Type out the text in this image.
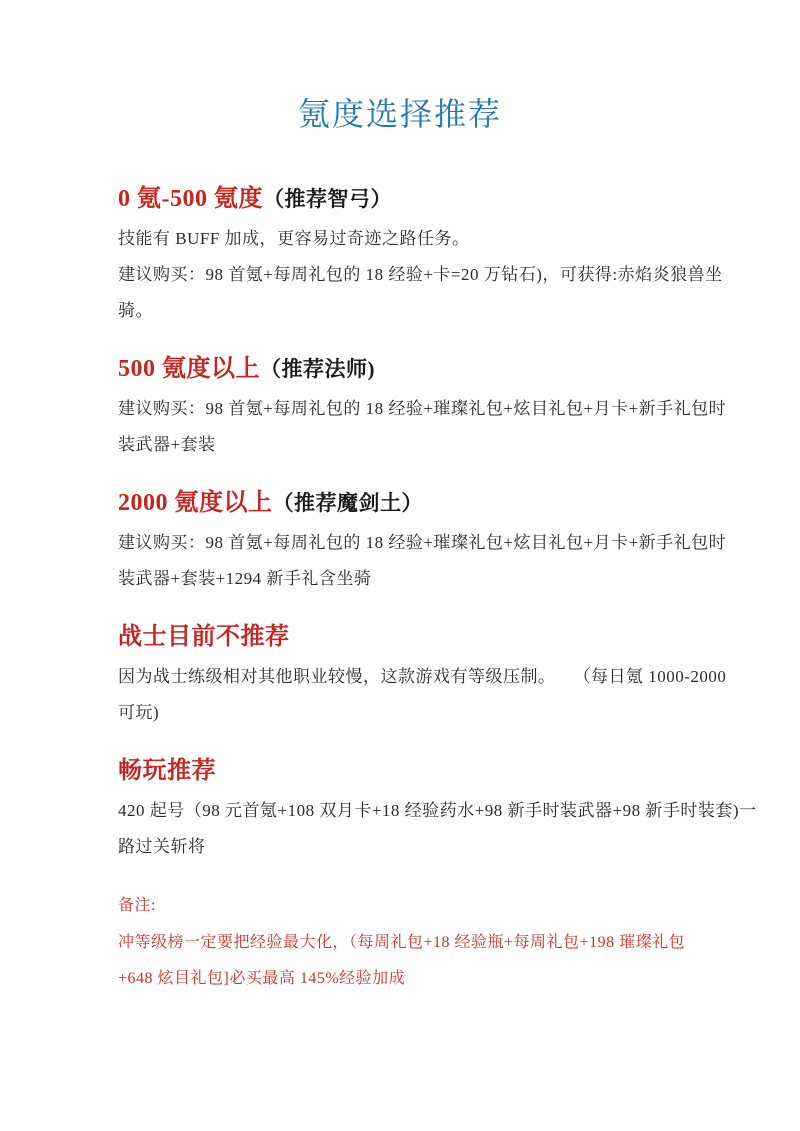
氪度选择推荐
0 氪-500 氪度（推荐智弓）
技能有 BUFF 加成，更容易过奇迹之路任务。
建议购买：98 首氪+每周礼包的 18 经验+卡=20 万钻石)，可获得:赤焰炎狼兽坐
骑。
500 氪度以上（推荐法师)
建议购买：98 首氪+每周礼包的 18 经验+璀璨礼包+炫目礼包+月卡+新手礼包时
装武器+套装
2000 氪度以上（推荐魔剑土）
建议购买：98 首氪+每周礼包的 18 经验+璀璨礼包+炫目礼包+月卡+新手礼包时
装武器+套装+1294 新手礼含坐骑
战士目前不推荐
因为战士练级相对其他职业较慢，这款游戏有等级压制。　　（每日氪 1000-2000
可玩)
畅玩推荐
420 起号（98 元首氪+108 双月卡+18 经验药水+98 新手时装武器+98 新手时装套)一
路过关斩将
备注:
冲等级榜一定要把经验最大化，（每周礼包+18 经验瓶+每周礼包+198 璀璨礼包
+648 炫目礼包]必买最高 145%经验加成
